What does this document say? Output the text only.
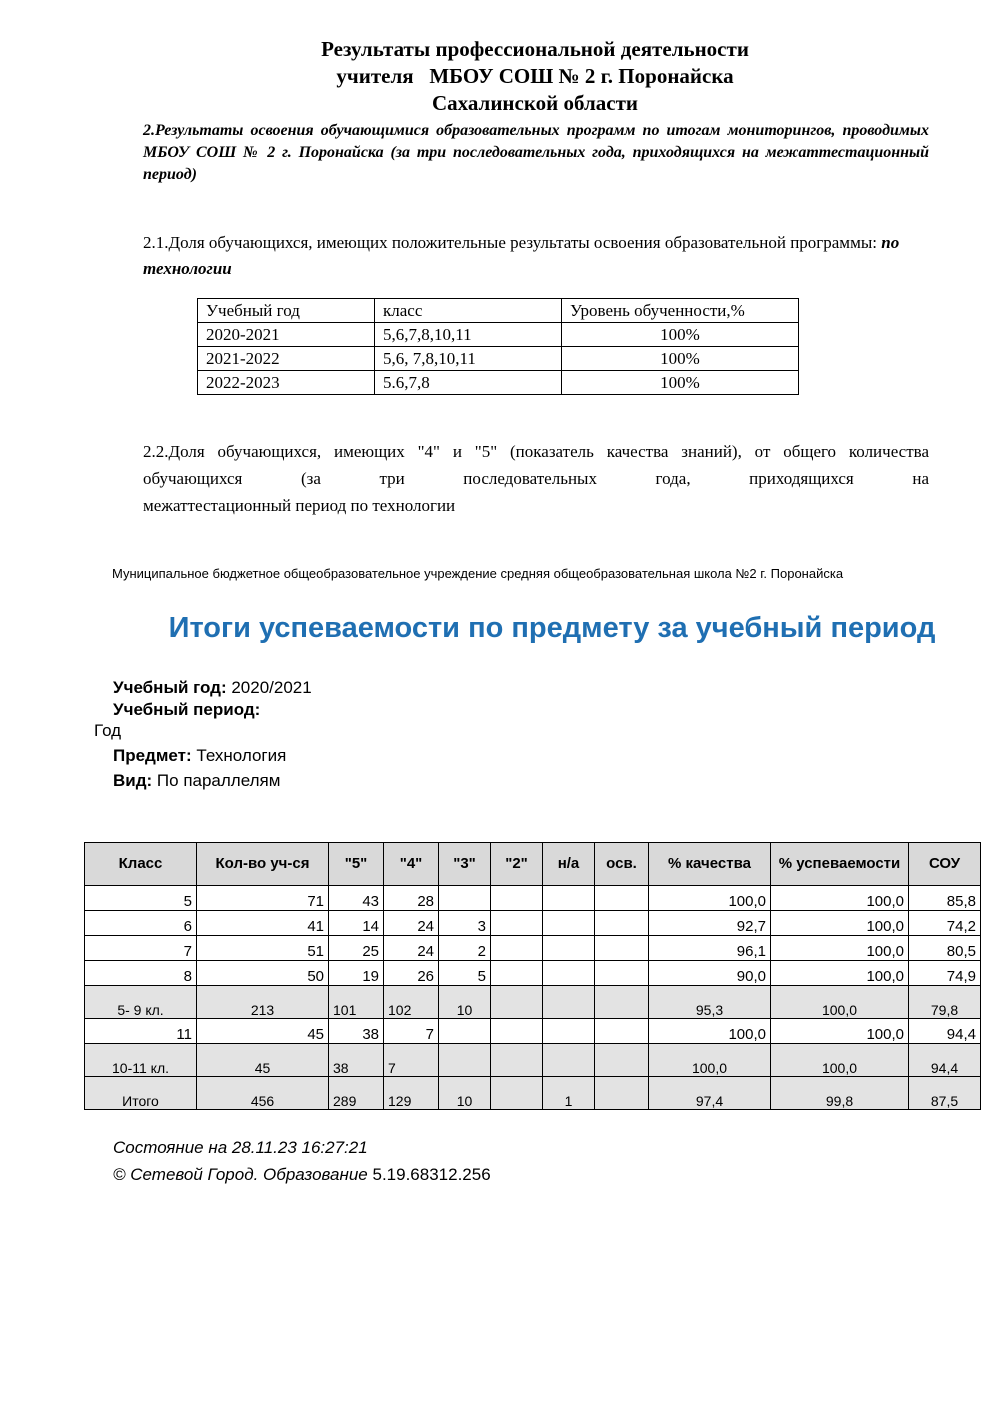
Результаты профессиональной деятельности
учителя   МБОУ СОШ № 2 г. Поронайска
Сахалинской области
2.Результаты освоения обучающимися образовательных программ по итогам мониторингов, проводимых МБОУ СОШ № 2 г. Поронайска (за три последовательных года, приходящихся на межаттестационный период)
2.1.Доля обучающихся, имеющих положительные результаты освоения образовательной программы: по технологии
Учебный год	класс	Уровень обученности,%
2020-2021	5,6,7,8,10,11	100%
2021-2022	5,6, 7,8,10,11	100%
2022-2023	5.6,7,8	100%
2.2.Доля обучающихся, имеющих "4" и "5" (показатель качества знаний), от общего количества обучающихся (за три последовательных года, приходящихся на
межаттестационный период по технологии
Муниципальное бюджетное общеобразовательное учреждение средняя общеобразовательная школа №2 г. Поронайска
Итоги успеваемости по предмету за учебный период
Учебный год: 2020/2021
Учебный период:
Год
Предмет: Технология
Вид: По параллелям
Класс	Кол-во уч-ся	"5"	"4"	"3"	"2"	н/а	осв.	% качества	% успеваемости	СОУ
5	71	43	28					100,0	100,0	85,8
6	41	14	24	3				92,7	100,0	74,2
7	51	25	24	2				96,1	100,0	80,5
8	50	19	26	5				90,0	100,0	74,9
5- 9 кл.	213	101	102	10				95,3	100,0	79,8
11	45	38	7					100,0	100,0	94,4
10-11 кл.	45	38	7					100,0	100,0	94,4
Итого	456	289	129	10		1		97,4	99,8	87,5
Состояние на 28.11.23 16:27:21
© Сетевой Город. Образование 5.19.68312.256
